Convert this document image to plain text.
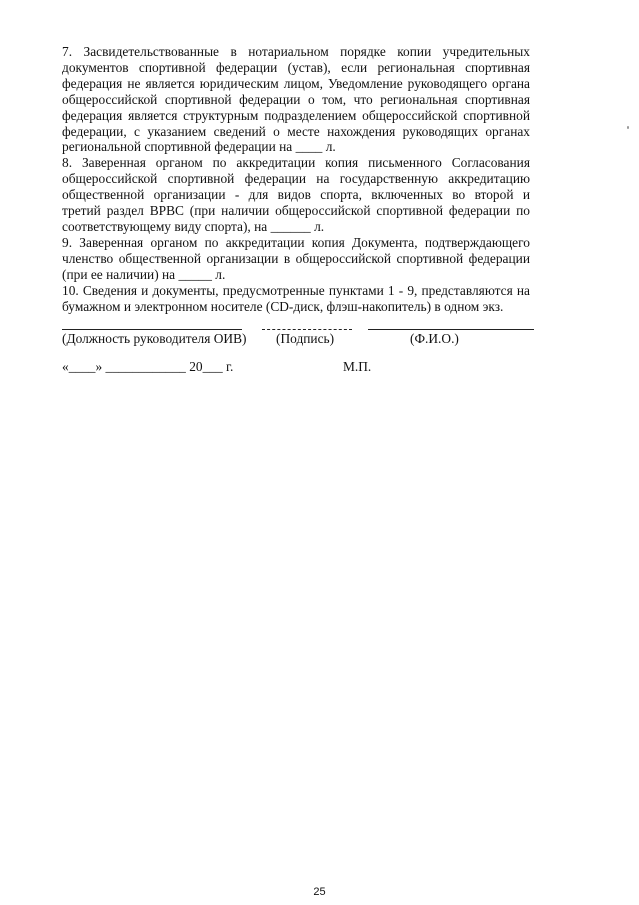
7. Засвидетельствованные в нотариальном порядке копии учредительных
документов спортивной федерации (устав), если региональная спортивная
федерация не является юридическим лицом, Уведомление руководящего органа
общероссийской спортивной федерации о том, что региональная спортивная
федерация является структурным подразделением общероссийской спортивной
федерации, с указанием сведений о месте нахождения руководящих органах
региональной спортивной федерации на ____ л.
8. Заверенная органом по аккредитации копия письменного Согласования
общероссийской спортивной федерации на государственную аккредитацию
общественной организации - для видов спорта, включенных во второй и
третий раздел ВРВС (при наличии общероссийской спортивной федерации по
соответствующему виду спорта), на ______ л.
9. Заверенная органом по аккредитации копия Документа, подтверждающего
членство общественной организации в общероссийской спортивной федерации
(при ее наличии) на _____ л.
10. Сведения и документы, предусмотренные пунктами 1 - 9, представляются на
бумажном и электронном носителе (CD-диск, флэш-накопитель) в одном экз.
(Должность руководителя ОИВ) (Подпись)	(Ф.И.О.)
«____» ____________ 20___ г.	М.П.
25
